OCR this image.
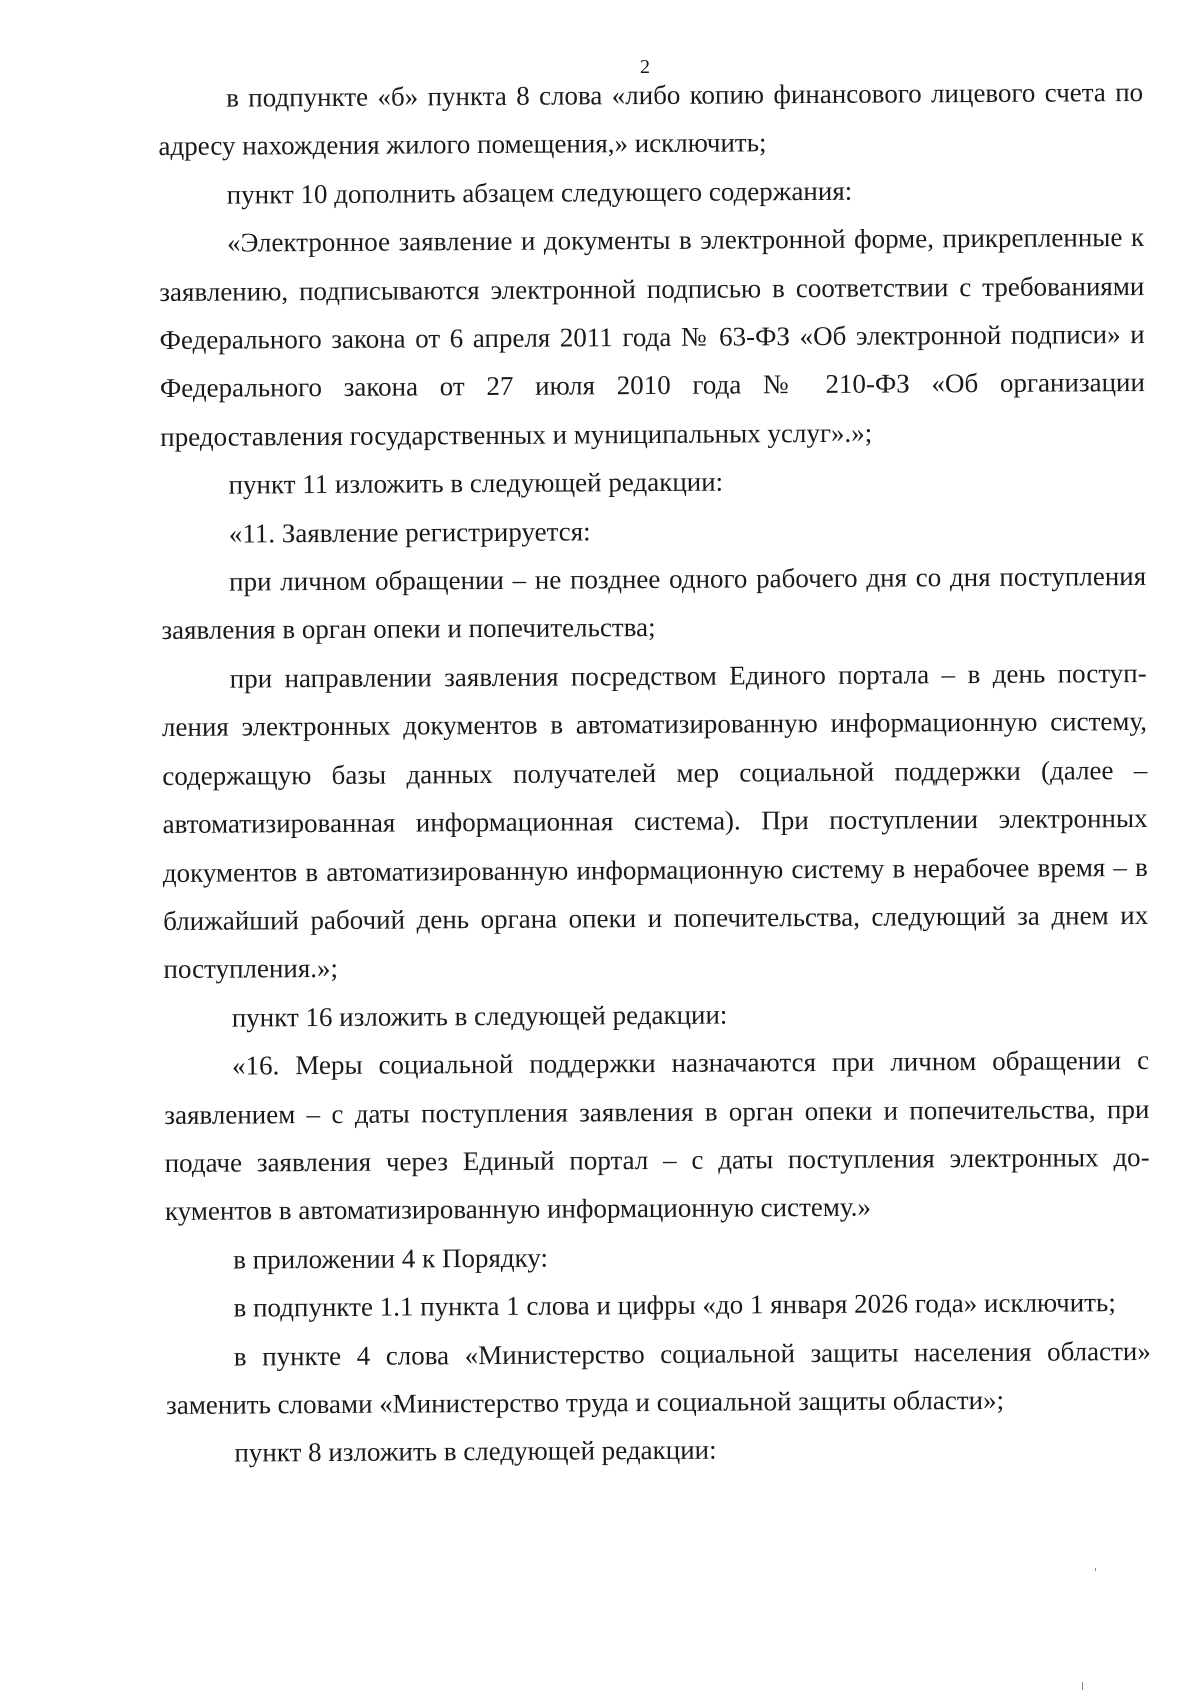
2

в подпункте «б» пункта 8 слова «либо копию финансового лицевого счета по адресу нахождения жилого помещения,» исключить;

пункт 10 дополнить абзацем следующего содержания:

«Электронное заявление и документы в электронной форме, прикрепленные к заявлению, подписываются электронной подписью в соответствии с требованиями Федерального закона от 6 апреля 2011 года № 63-ФЗ «Об электронной подписи» и Федерального закона от 27 июля 2010 года № 210-ФЗ «Об организации предоставления государственных и муниципальных услуг».»;

пункт 11 изложить в следующей редакции:

«11. Заявление регистрируется:

при личном обращении – не позднее одного рабочего дня со дня поступления заявления в орган опеки и попечительства;

при направлении заявления посредством Единого портала – в день поступления электронных документов в автоматизированную информационную систему, содержащую базы данных получателей мер социальной поддержки (далее – автоматизированная информационная система). При поступлении электронных документов в автоматизированную информационную систему в нерабочее время – в ближайший рабочий день органа опеки и попечительства, следующий за днем их поступления.»;

пункт 16 изложить в следующей редакции:

«16. Меры социальной поддержки назначаются при личном обращении с заявлением – с даты поступления заявления в орган опеки и попечительства, при подаче заявления через Единый портал – с даты поступления электронных документов в автоматизированную информационную систему.»

в приложении 4 к Порядку:

в подпункте 1.1 пункта 1 слова и цифры «до 1 января 2026 года» исключить;

в пункте 4 слова «Министерство социальной защиты населения области» заменить словами «Министерство труда и социальной защиты области»;

пункт 8 изложить в следующей редакции:
